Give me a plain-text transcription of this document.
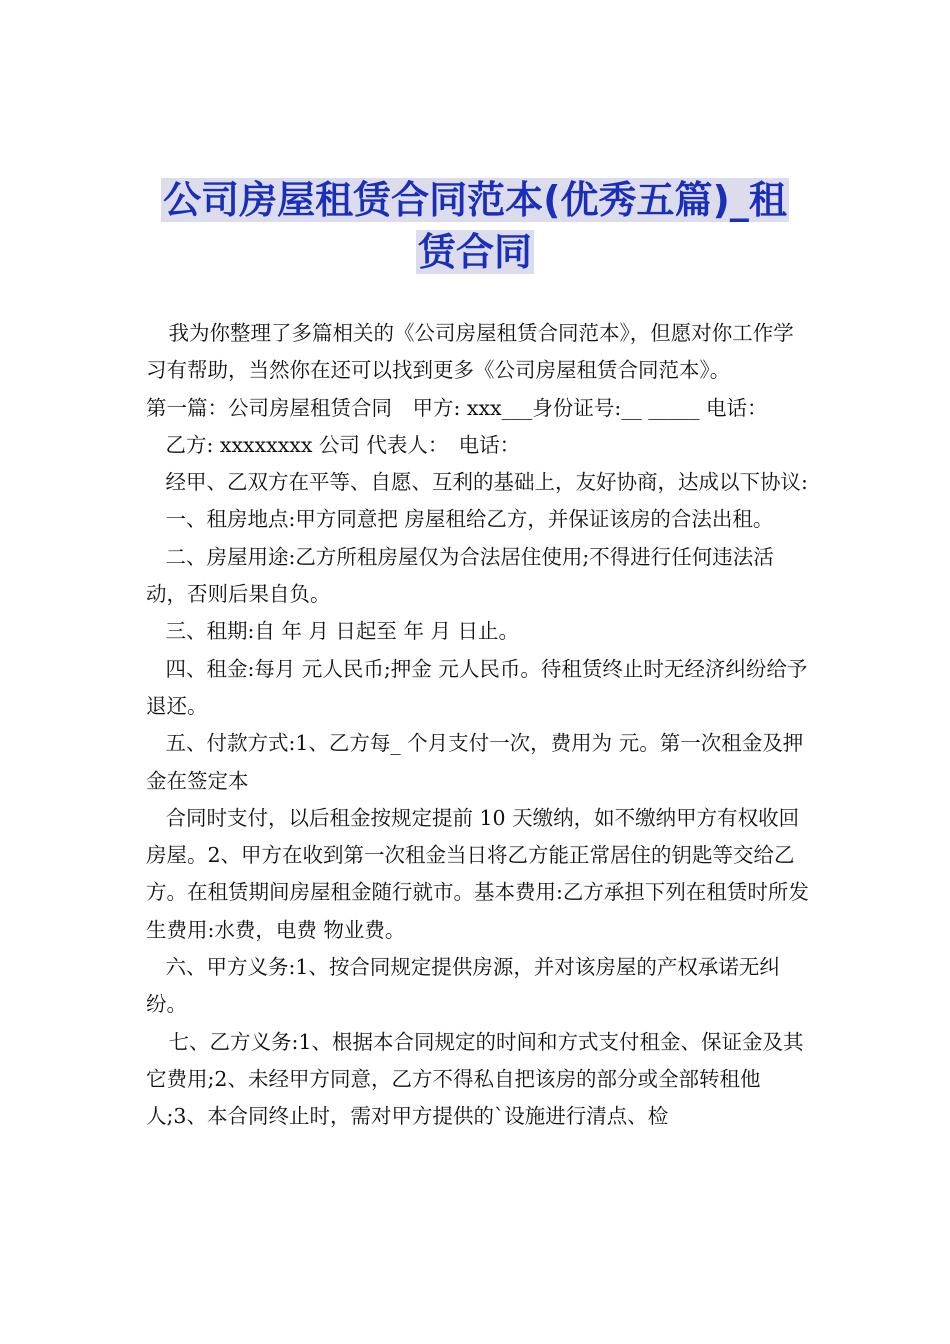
公司房屋租赁合同范本(优秀五篇)_租
赁合同

我为你整理了多篇相关的《公司房屋租赁合同范本》，但愿对你工作学习有帮助，当然你在还可以找到更多《公司房屋租赁合同范本》。

第一篇：公司房屋租赁合同　甲方: xxx___身份证号:__ _____ 电话：

乙方: xxxxxxxx 公司 代表人：　电话：

经甲、乙双方在平等、自愿、互利的基础上，友好协商，达成以下协议:

一、租房地点:甲方同意把 房屋租给乙方，并保证该房的合法出租。

二、房屋用途:乙方所租房屋仅为合法居住使用;不得进行任何违法活动，否则后果自负。

三、租期:自 年 月 日起至 年 月 日止。

四、租金:每月 元人民币;押金 元人民币。待租赁终止时无经济纠纷给予退还。

五、付款方式:1、乙方每_ 个月支付一次，费用为 元。第一次租金及押金在签定本

合同时支付，以后租金按规定提前 10 天缴纳，如不缴纳甲方有权收回房屋。2、甲方在收到第一次租金当日将乙方能正常居住的钥匙等交给乙方。在租赁期间房屋租金随行就市。基本费用:乙方承担下列在租赁时所发生费用:水费，电费 物业费。

六、甲方义务:1、按合同规定提供房源，并对该房屋的产权承诺无纠纷。

七、乙方义务:1、根据本合同规定的时间和方式支付租金、保证金及其它费用;2、未经甲方同意，乙方不得私自把该房的部分或全部转租他人;3、本合同终止时，需对甲方提供的`设施进行清点、检
